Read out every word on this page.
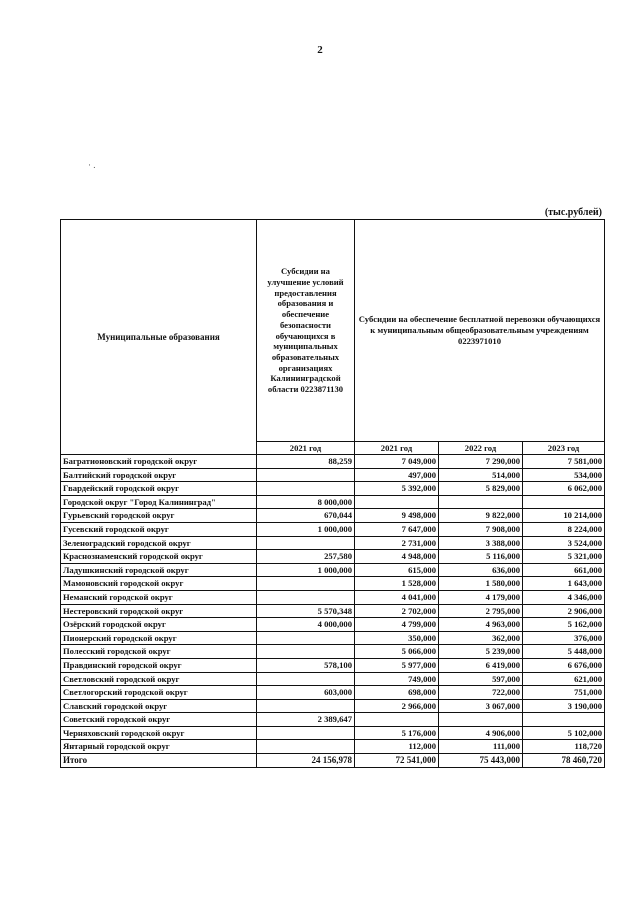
2
· .
(тыс.рублей)
Муниципальные образования	Субсидии на улучшение условий предоставления образования и обеспечение безопасности обучающихся в муниципальных образовательных организациях Калининградской области 0223871130	Субсидии на обеспечение бесплатной перевозки обучающихся к муниципальным общеобразовательным учреждениям 0223971010		
	2021 год	2021 год	2022 год	2023 год
Багратионовский городской округ	88,259	7 049,000	7 290,000	7 581,000
Балтийский городской округ		497,000	514,000	534,000
Гвардейский городской округ		5 392,000	5 829,000	6 062,000
Городской округ "Город Калининград"	8 000,000			
Гурьевский городской округ	670,044	9 498,000	9 822,000	10 214,000
Гусевский городской округ	1 000,000	7 647,000	7 908,000	8 224,000
Зеленоградский городской округ		2 731,000	3 388,000	3 524,000
Краснознаменский городской округ	257,580	4 948,000	5 116,000	5 321,000
Ладушкинский городской округ	1 000,000	615,000	636,000	661,000
Мамоновский городской округ		1 528,000	1 580,000	1 643,000
Неманский городской округ		4 041,000	4 179,000	4 346,000
Нестеровский городской округ	5 570,348	2 702,000	2 795,000	2 906,000
Озёрский городской округ	4 000,000	4 799,000	4 963,000	5 162,000
Пионерский городской округ		350,000	362,000	376,000
Полесский городской округ		5 066,000	5 239,000	5 448,000
Правдинский городской округ	578,100	5 977,000	6 419,000	6 676,000
Светловский городской округ		749,000	597,000	621,000
Светлогорский городской округ	603,000	698,000	722,000	751,000
Славский городской округ		2 966,000	3 067,000	3 190,000
Советский городской округ	2 389,647			
Черняховский городской округ		5 176,000	4 906,000	5 102,000
Янтарный городской округ		112,000	111,000	118,720
Итого	24 156,978	72 541,000	75 443,000	78 460,720
